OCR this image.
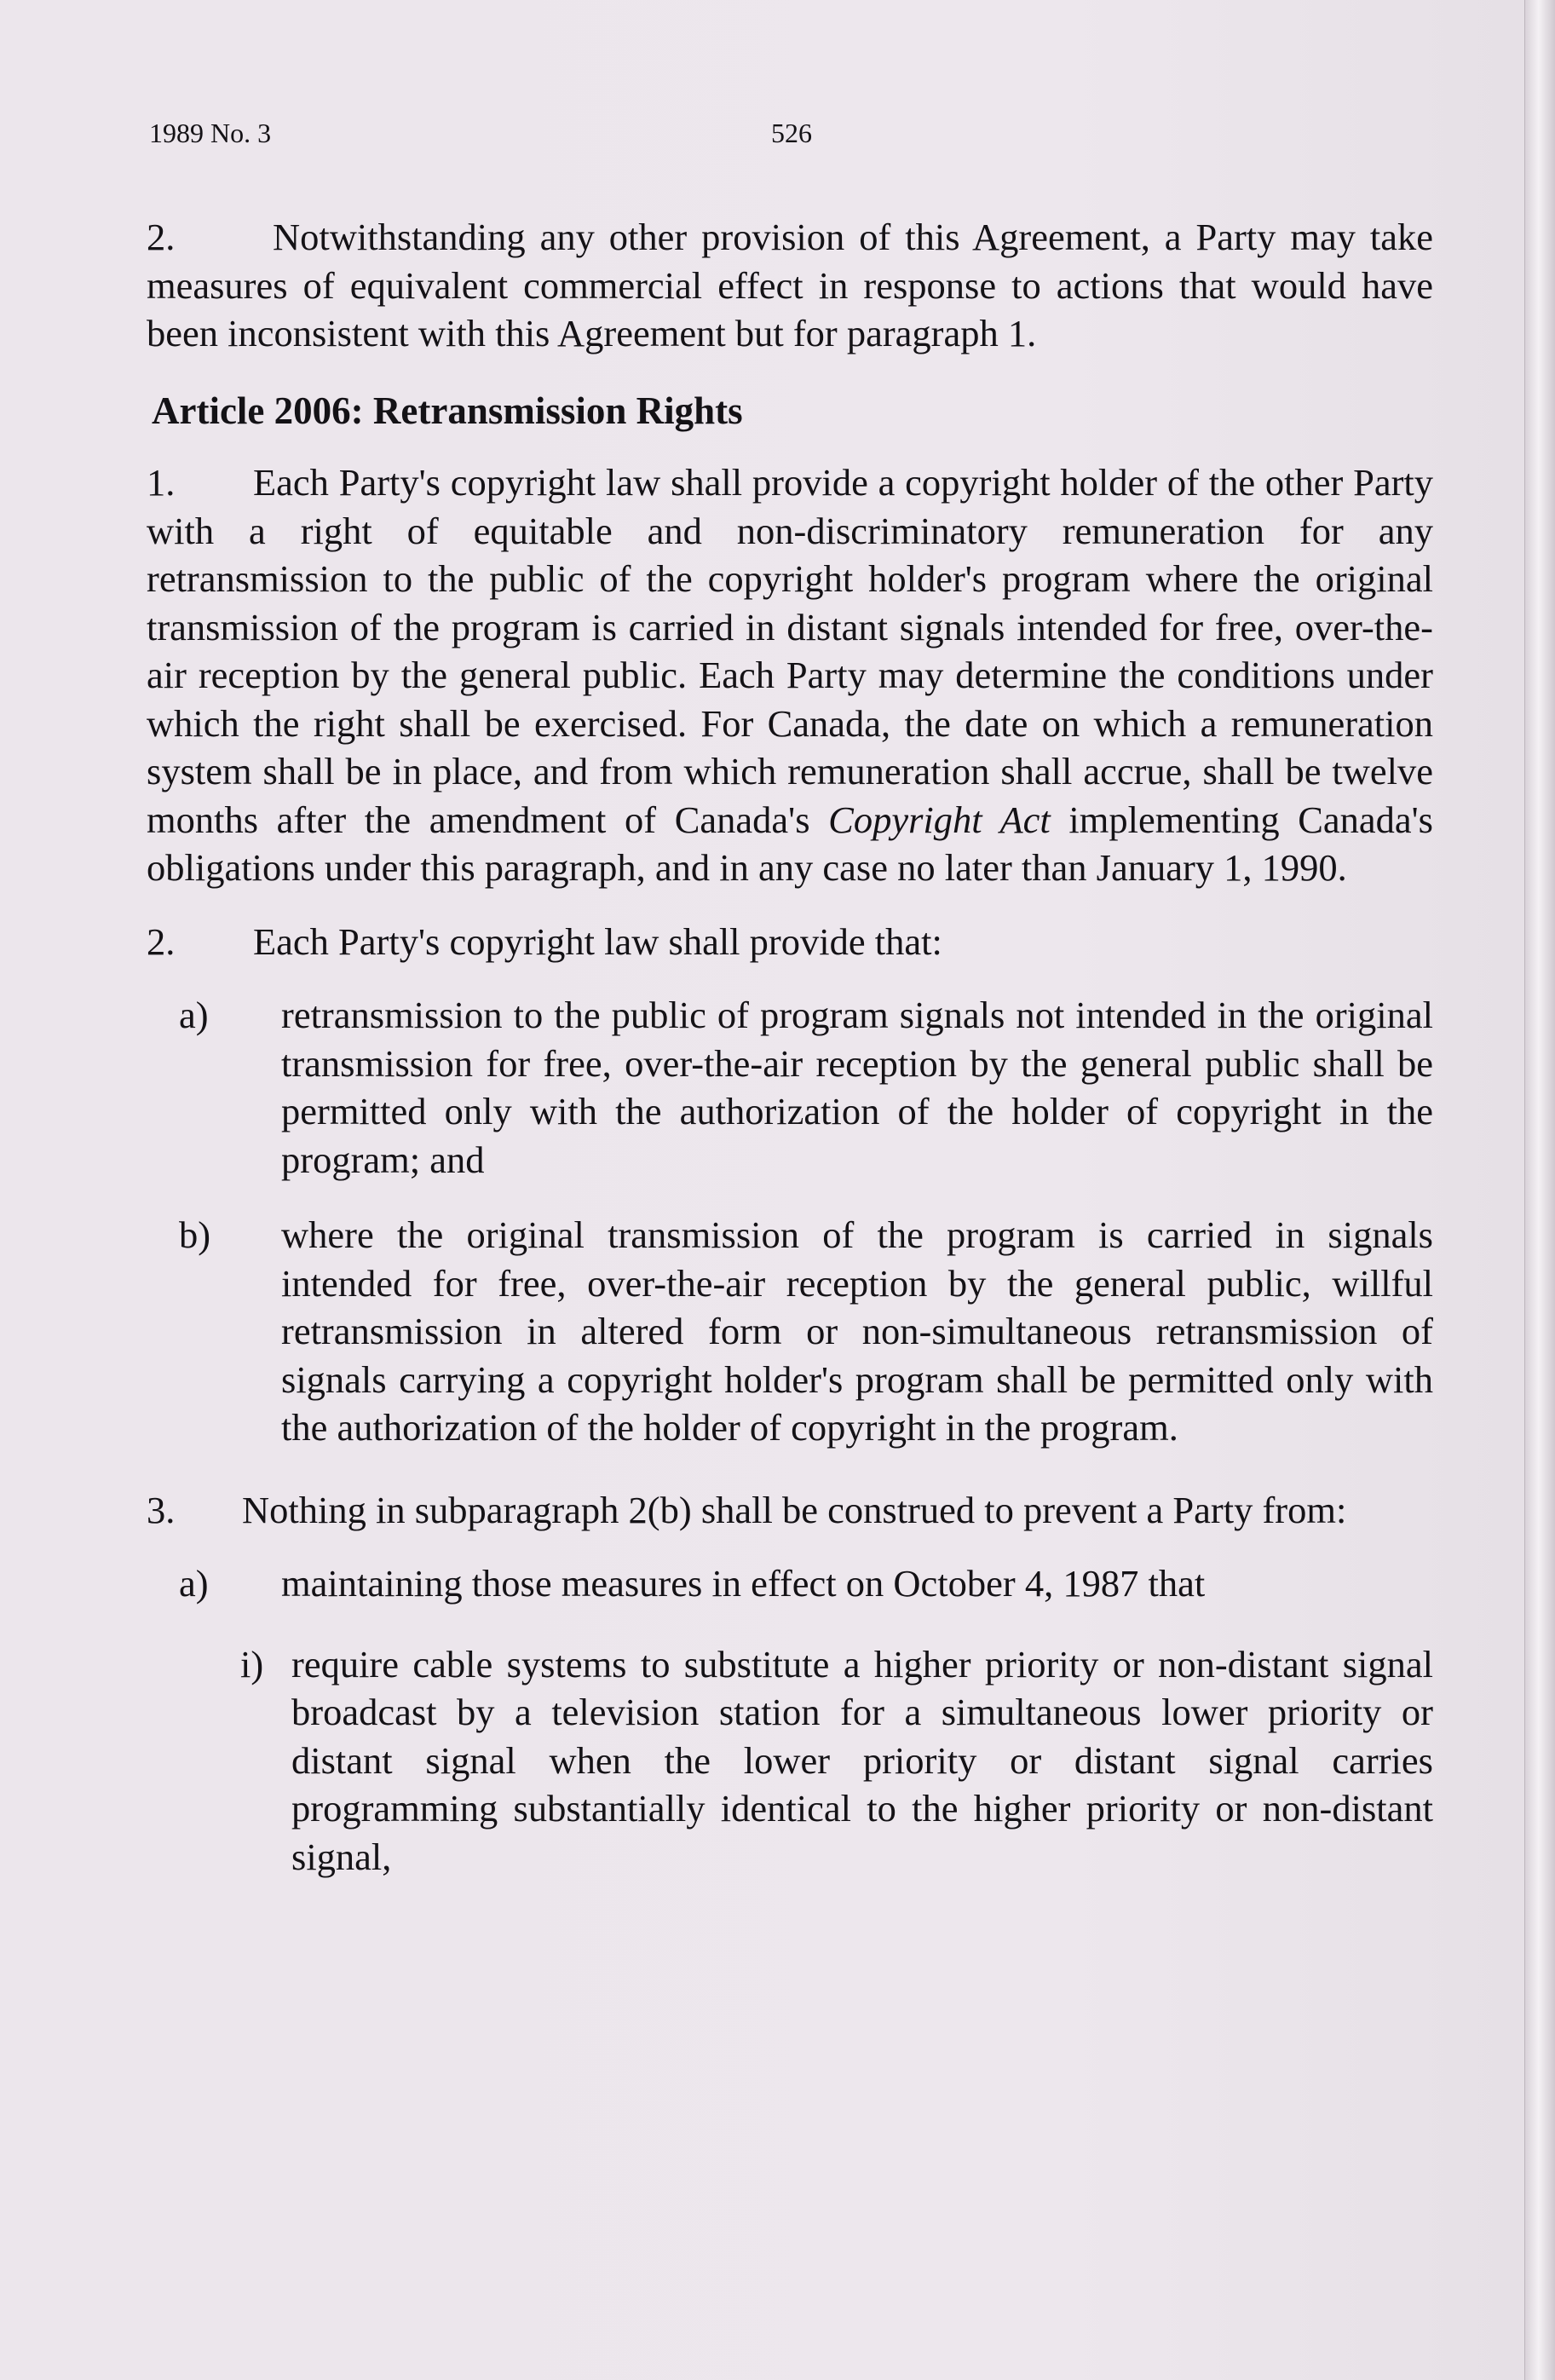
1989 No. 3	526

2.	Notwithstanding any other provision of this Agreement, a Party may take measures of equivalent commercial effect in response to actions that would have been inconsistent with this Agreement but for paragraph 1.

Article 2006: Retransmission Rights

1. Each Party's copyright law shall provide a copyright holder of the other Party with a right of equitable and non-discriminatory remuneration for any retransmission to the public of the copyright holder's program where the original transmission of the program is carried in distant signals intended for free, over-the-air reception by the general public. Each Party may determine the conditions under which the right shall be exercised. For Canada, the date on which a remuneration system shall be in place, and from which remuneration shall accrue, shall be twelve months after the amendment of Canada's Copyright Act implementing Canada's obligations under this paragraph, and in any case no later than January 1, 1990.

2. Each Party's copyright law shall provide that:

a)	retransmission to the public of program signals not intended in the original transmission for free, over-the-air reception by the general public shall be permitted only with the authorization of the holder of copyright in the program; and
b)	where the original transmission of the program is carried in signals intended for free, over-the-air reception by the general public, willful retransmission in altered form or non-simultaneous retransmission of signals carrying a copyright holder's program shall be permitted only with the authorization of the holder of copyright in the program.

3. Nothing in subparagraph 2(b) shall be construed to prevent a Party from:

a)	maintaining those measures in effect on October 4, 1987 that
i) require cable systems to substitute a higher priority or non-distant signal broadcast by a television station for a simultaneous lower priority or distant signal when the lower priority or distant signal carries programming substantially identical to the higher priority or non-distant signal,
